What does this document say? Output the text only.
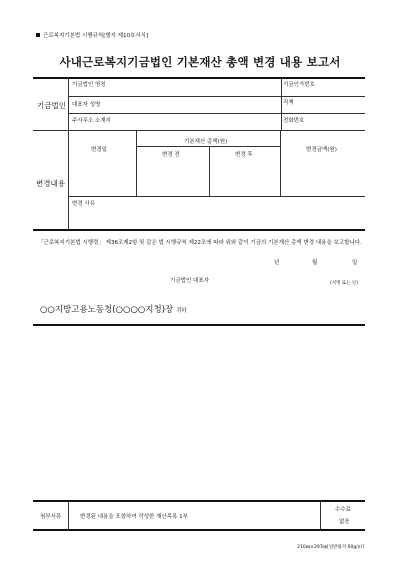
근로복지기본법 시행규칙[별지 제10호서식]
사내근로복지기금법인 기본재산 총액 변경 내용 보고서
기금법인
기금법인 명칭	기금인가번호
대표자 성명	직책
주사무소 소재지	전화번호
변경내용
변경일
기본재산 총액(원)
변경 전	변경 후
변경금액(원)
변경 사유
「근로복지기본법 시행령」 제36조제2항 및 같은 법 시행규칙 제22조에 따라 위와 같이 기금의 기본재산 총액 변경 내용을 보고합니다.
년	월	일
기금법인 대표자	(서명 또는 인)
○○지방고용노동청(○○○○지청)장 귀하
첨부서류	변경된 내용을 포함하여 작성한 재산목록 1부
수수료
없음
210㎜×297㎜[일반용지 60g/㎡]
